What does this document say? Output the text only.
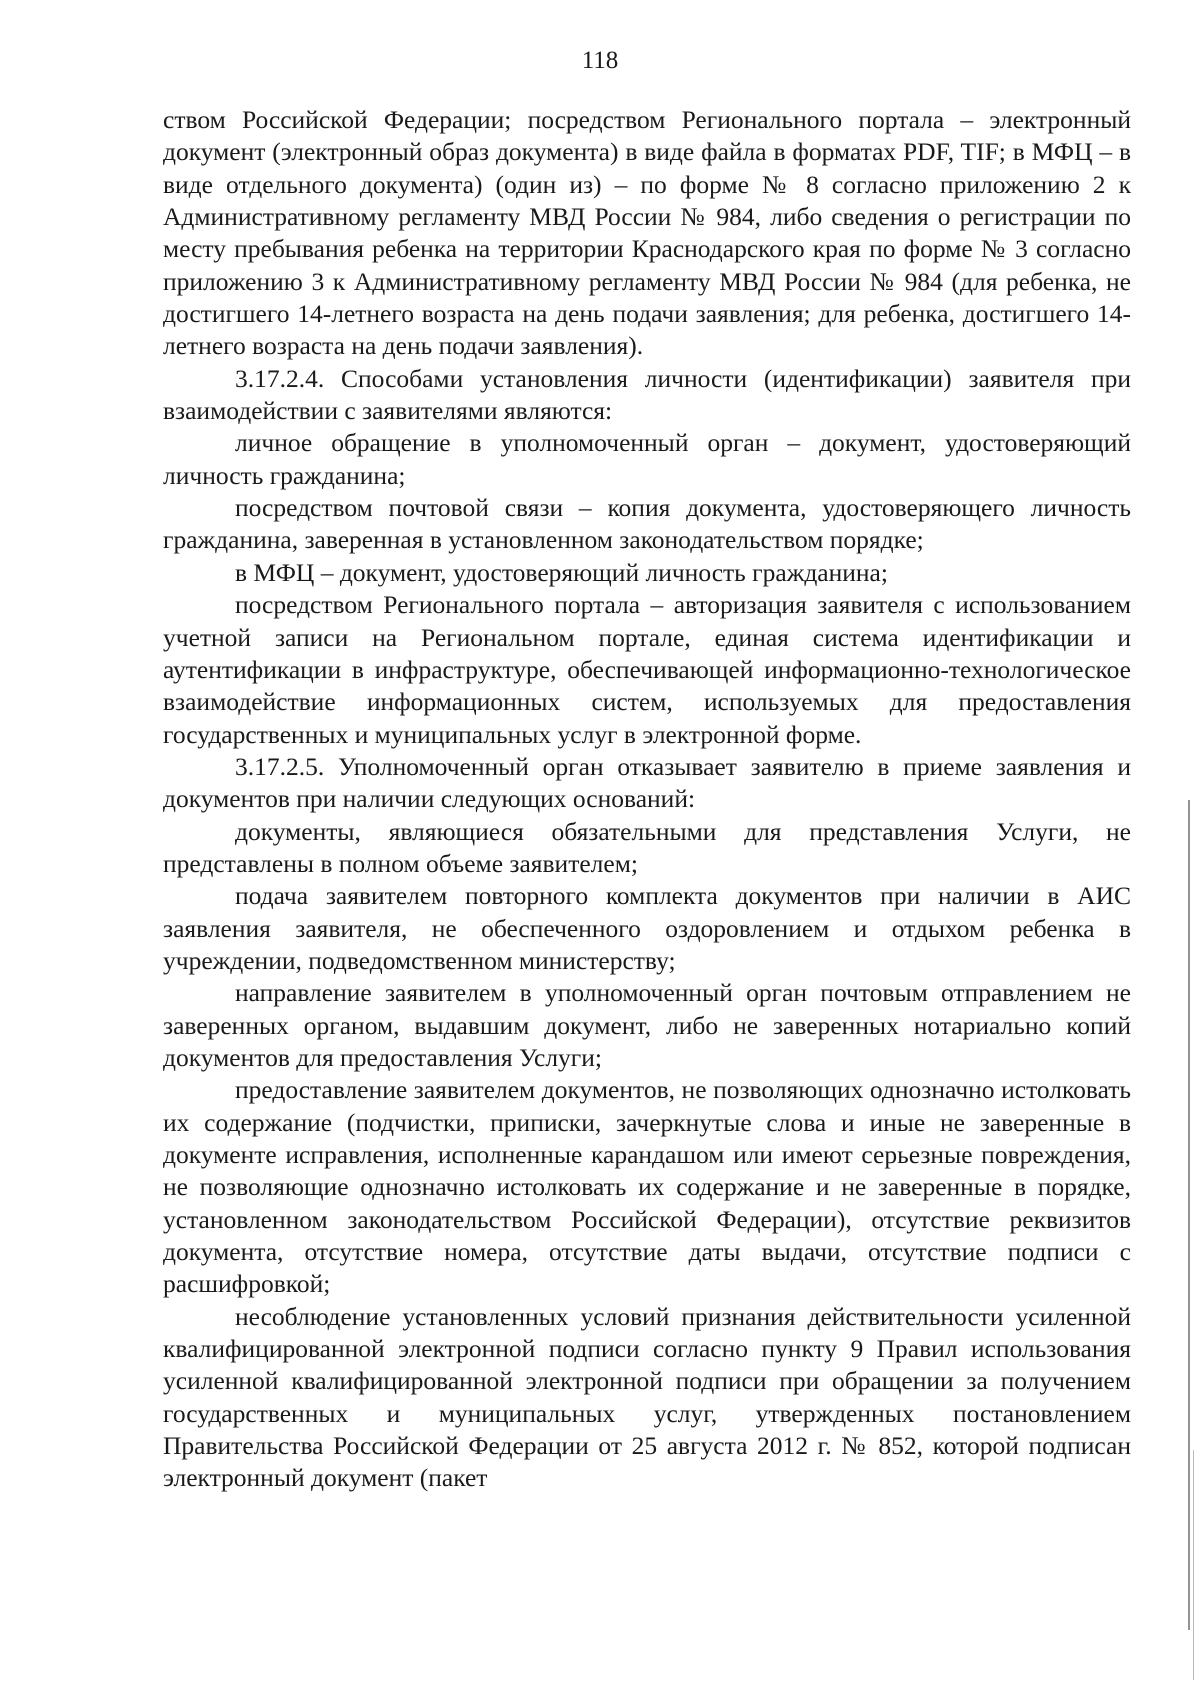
118

ством Российской Федерации; посредством Регионального портала – электронный документ (электронный образ документа) в виде файла в форматах PDF, TIF; в МФЦ – в виде отдельного документа) (один из) – по форме № 8 согласно приложению 2 к Административному регламенту МВД России № 984, либо сведения о регистрации по месту пребывания ребенка на территории Краснодарского края по форме № 3 согласно приложению 3 к Административному регламенту МВД России № 984 (для ребенка, не достигшего 14-летнего возраста на день подачи заявления; для ребенка, достигшего 14-летнего возраста на день подачи заявления).

3.17.2.4. Способами установления личности (идентификации) заявителя при взаимодействии с заявителями являются:

личное обращение в уполномоченный орган – документ, удостоверяющий личность гражданина;

посредством почтовой связи – копия документа, удостоверяющего личность гражданина, заверенная в установленном законодательством порядке;

в МФЦ – документ, удостоверяющий личность гражданина;

посредством Регионального портала – авторизация заявителя с использованием учетной записи на Региональном портале, единая система идентификации и аутентификации в инфраструктуре, обеспечивающей информационно-технологическое взаимодействие информационных систем, используемых для предоставления государственных и муниципальных услуг в электронной форме.

3.17.2.5. Уполномоченный орган отказывает заявителю в приеме заявления и документов при наличии следующих оснований:

документы, являющиеся обязательными для представления Услуги, не представлены в полном объеме заявителем;

подача заявителем повторного комплекта документов при наличии в АИС заявления заявителя, не обеспеченного оздоровлением и отдыхом ребенка в учреждении, подведомственном министерству;

направление заявителем в уполномоченный орган почтовым отправлением не заверенных органом, выдавшим документ, либо не заверенных нотариально копий документов для предоставления Услуги;

предоставление заявителем документов, не позволяющих однозначно истолковать их содержание (подчистки, приписки, зачеркнутые слова и иные не заверенные в документе исправления, исполненные карандашом или имеют серьезные повреждения, не позволяющие однозначно истолковать их содержание и не заверенные в порядке, установленном законодательством Российской Федерации), отсутствие реквизитов документа, отсутствие номера, отсутствие даты выдачи, отсутствие подписи с расшифровкой;

несоблюдение установленных условий признания действительности усиленной квалифицированной электронной подписи согласно пункту 9 Правил использования усиленной квалифицированной электронной подписи при обращении за получением государственных и муниципальных услуг, утвержденных постановлением Правительства Российской Федерации от 25 августа 2012 г. № 852, которой подписан электронный документ (пакет
